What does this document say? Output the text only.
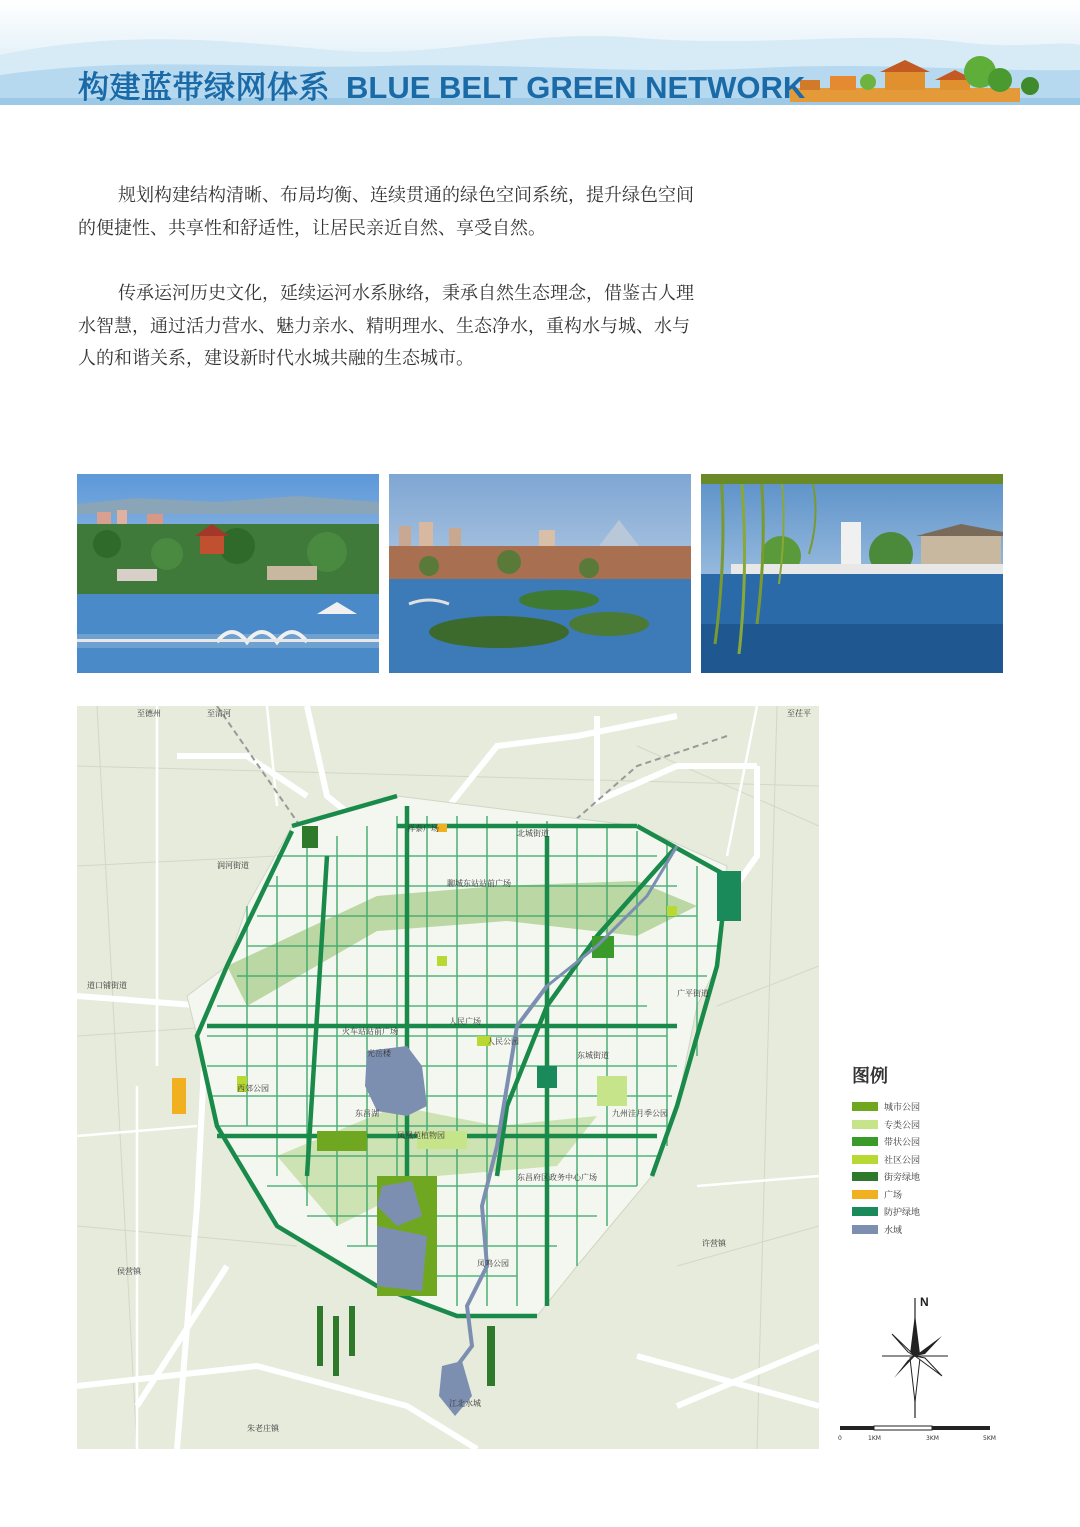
构建蓝带绿网体系 BLUE BELT GREEN NETWORK

规划构建结构清晰、布局均衡、连续贯通的绿色空间系统，提升绿色空间的便捷性、共享性和舒适性，让居民亲近自然、享受自然。

传承运河历史文化，延续运河水系脉络，秉承自然生态理念，借鉴古人理水智慧，通过活力营水、魅力亲水、精明理水、生态净水，重构水与城、水与人的和谐关系，建设新时代水城共融的生态城市。

至德州	至清河	至茌平
祥泰广场
北城街道
润河街道
聊城东站站前广场
道口铺街道
火车站站前广场
人民广场
人民公园
东城街道
九州洼月季公园
西郊公园
东昌湖
光岳楼
凤凰苑植物园
东昌府区政务中心广场
许营镇
侯营镇
朱老庄镇
广平街道
凤鸣公园
江北水城
图例
城市公园
专类公园
带状公园
社区公园
街旁绿地
广场
防护绿地
水域
N
0	1KM	3KM	5KM
